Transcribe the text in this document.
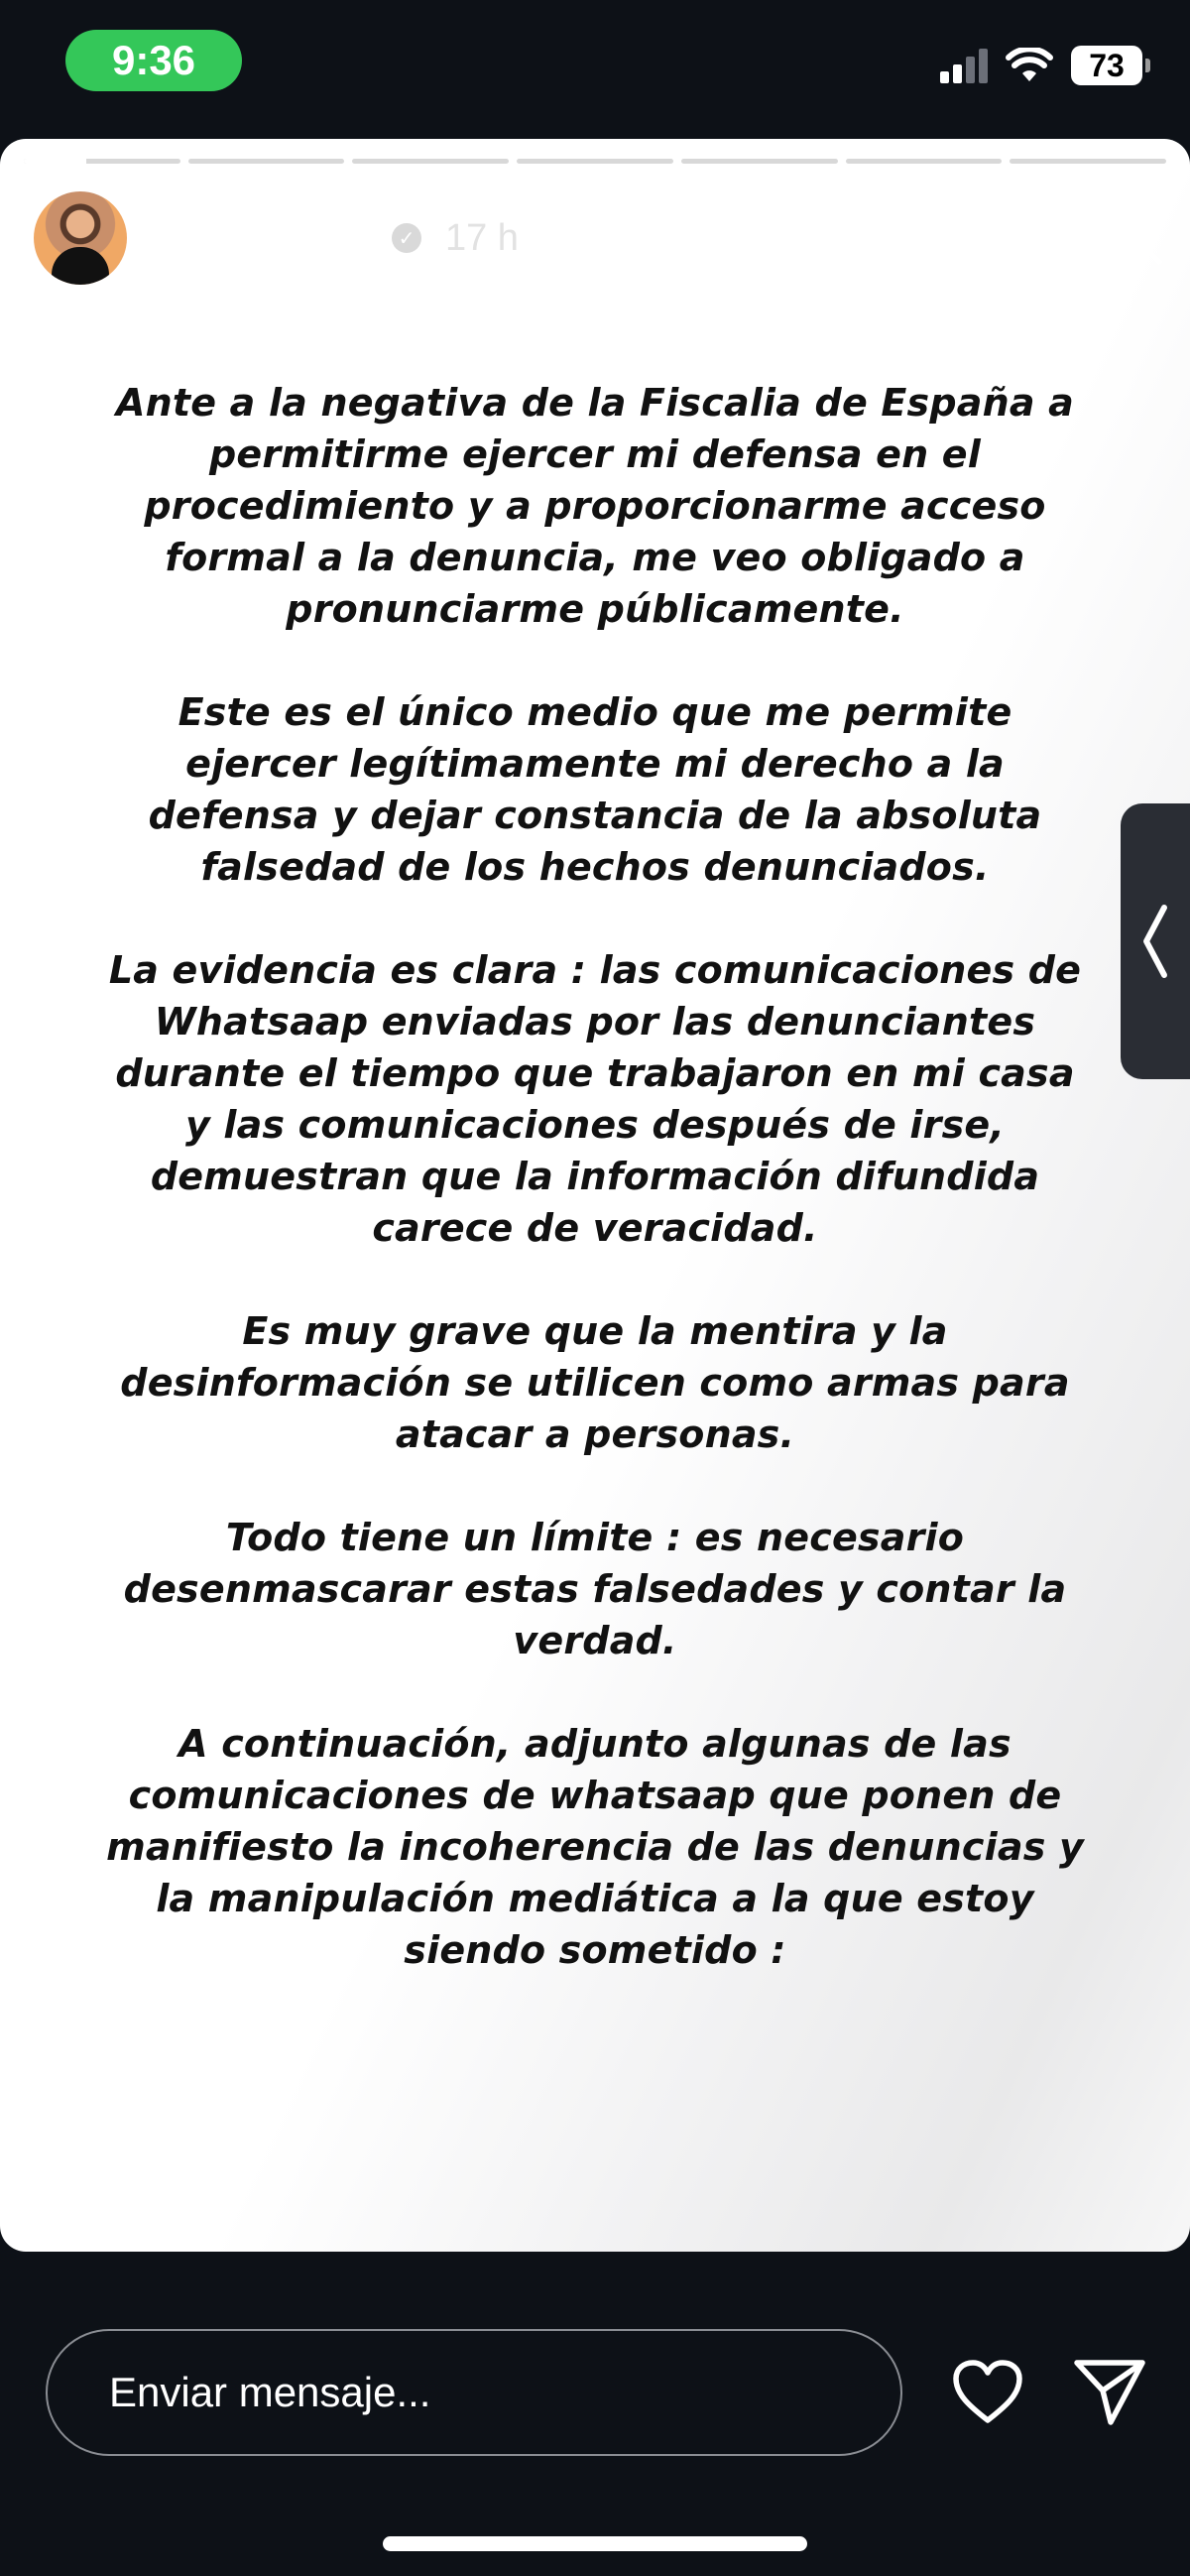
9:36	73
julioiglesias ✓ 17 h	Seguir

Ante a la negativa de la Fiscalia de España a permitirme ejercer mi defensa en el procedimiento y a proporcionarme acceso formal a la denuncia, me veo obligado a pronunciarme públicamente.

Este es el único medio que me permite ejercer legítimamente mi derecho a la defensa y dejar constancia de la absoluta falsedad de los hechos denunciados.

La evidencia es clara : las comunicaciones de Whatsaap enviadas por las denunciantes durante el tiempo que trabajaron en mi casa y las comunicaciones después de irse, demuestran que la información difundida carece de veracidad.

Es muy grave que la mentira y la desinformación se utilicen como armas para atacar a personas.

Todo tiene un límite : es necesario desenmascarar estas falsedades y contar la verdad.

A continuación, adjunto algunas de las comunicaciones de whatsaap que ponen de manifiesto la incoherencia de las denuncias y la manipulación mediática a la que estoy siendo sometido :

Enviar mensaje...
